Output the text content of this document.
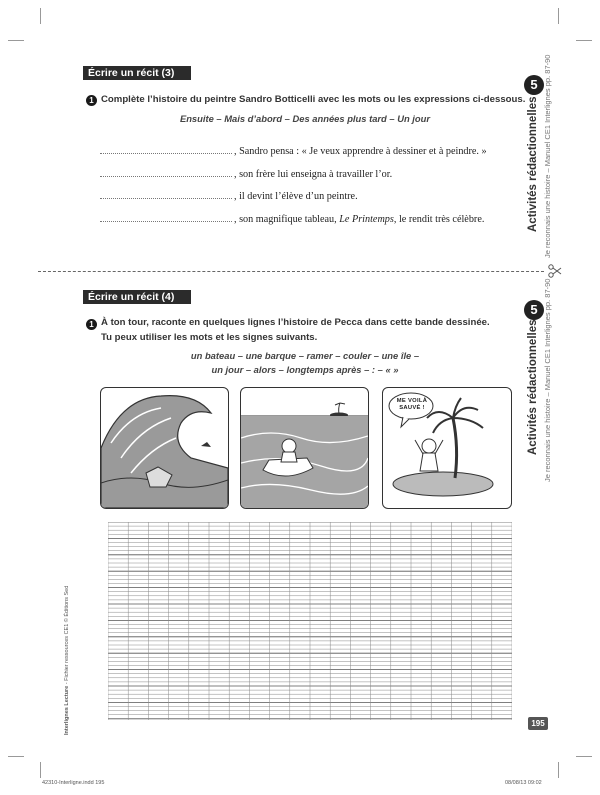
Écrire un récit (3)
1 Complète l’histoire du peintre Sandro Botticelli avec les mots ou les expressions ci-dessous.
Ensuite – Mais d’abord – Des années plus tard – Un jour
, Sandro pensa : « Je veux apprendre à dessiner et à peindre. »
, son frère lui enseigna à travailler l’or.
, il devint l’élève d’un peintre.
, son magnifique tableau, Le Printemps, le rendit très célèbre.
5
Activités rédactionnelles Je reconnais une histoire – Manuel CE1 Interlignes pp. 87-90
Écrire un récit (4)
1 À ton tour, raconte en quelques lignes l’histoire de Pecca dans cette bande dessinée.
Tu peux utiliser les mots et les signes suivants.
un bateau – une barque – ramer – couler – une île –
un jour – alors – longtemps après – : – « »
5
Activités rédactionnelles Je reconnais une histoire – Manuel CE1 Interlignes pp. 87-90
ME VOILÀ
SAUVÉ !
Interlignes Lecture - Fichier ressources CE1 © Éditions Sed
195
42310-Interligne.indd 195	08/08/13 09:02
